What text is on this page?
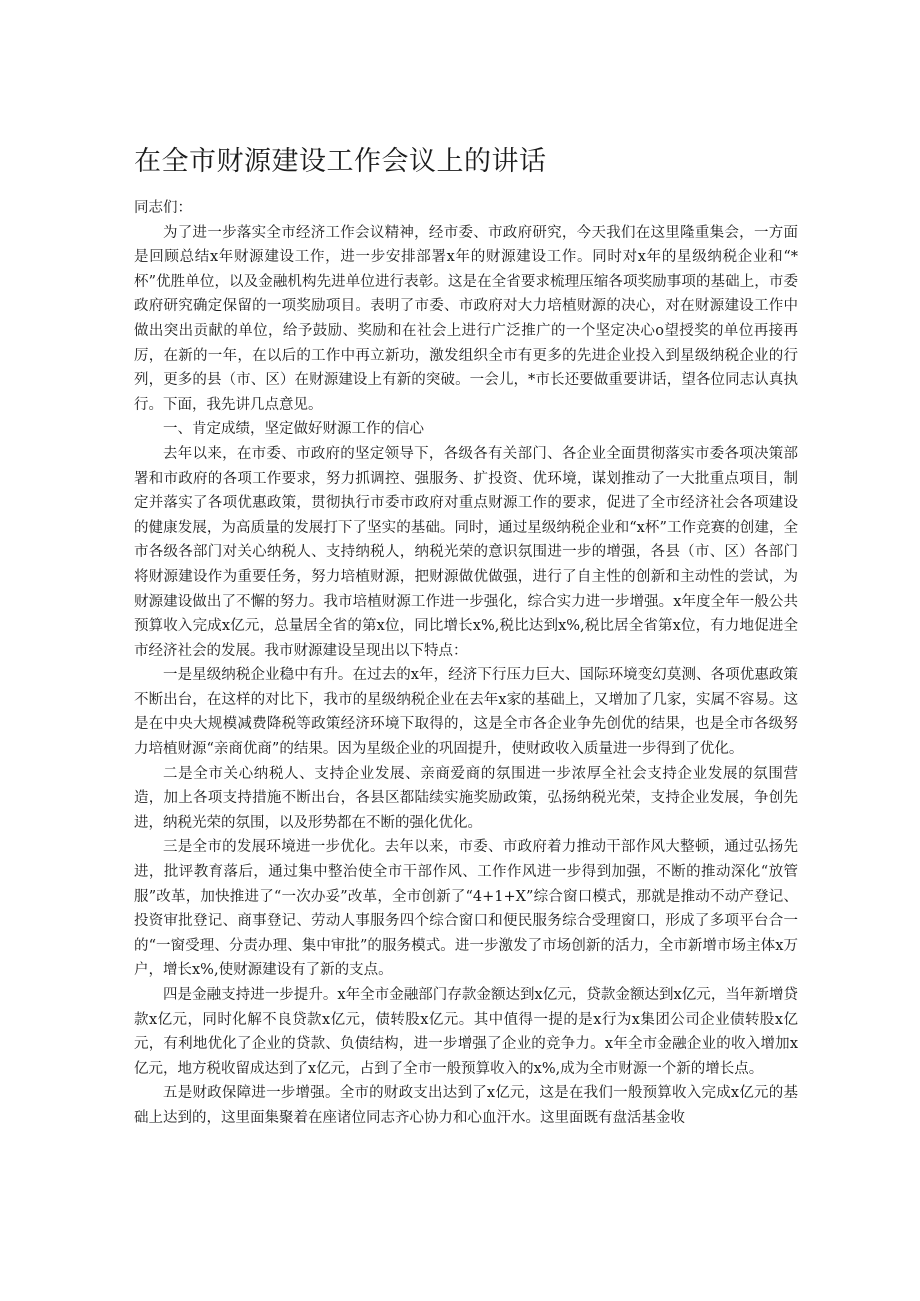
在全市财源建设工作会议上的讲话

同志们：

为了进一步落实全市经济工作会议精神，经市委、市政府研究，今天我们在这里隆重集会，一方面是回顾总结x年财源建设工作，进一步安排部署x年的财源建设工作。同时对x年的星级纳税企业和“*杯”优胜单位，以及金融机构先进单位进行表彰。这是在全省要求梳理压缩各项奖励事项的基础上，市委政府研究确定保留的一项奖励项目。表明了市委、市政府对大力培植财源的决心，对在财源建设工作中做出突出贡献的单位，给予鼓励、奖励和在社会上进行广泛推广的一个坚定决心o望授奖的单位再接再厉，在新的一年，在以后的工作中再立新功，激发组织全市有更多的先进企业投入到星级纳税企业的行列，更多的县（市、区）在财源建设上有新的突破。一会儿，*市长还要做重要讲话，望各位同志认真执行。下面，我先讲几点意见。

一、肯定成绩，坚定做好财源工作的信心

去年以来，在市委、市政府的坚定领导下，各级各有关部门、各企业全面贯彻落实市委各项决策部署和市政府的各项工作要求，努力抓调控、强服务、扩投资、优环境，谋划推动了一大批重点项目，制定并落实了各项优惠政策，贯彻执行市委市政府对重点财源工作的要求，促进了全市经济社会各项建设的健康发展，为高质量的发展打下了坚实的基础。同时，通过星级纳税企业和“x杯”工作竞赛的创建，全市各级各部门对关心纳税人、支持纳税人，纳税光荣的意识氛围进一步的增强，各县（市、区）各部门将财源建设作为重要任务，努力培植财源，把财源做优做强，进行了自主性的创新和主动性的尝试，为财源建设做出了不懈的努力。我市培植财源工作进一步强化，综合实力进一步增强。x年度全年一般公共预算收入完成x亿元，总量居全省的第x位，同比增长x%,税比达到x%,税比居全省第x位，有力地促进全市经济社会的发展。我市财源建设呈现出以下特点：

一是星级纳税企业稳中有升。在过去的x年，经济下行压力巨大、国际环境变幻莫测、各项优惠政策不断出台，在这样的对比下，我市的星级纳税企业在去年x家的基础上，又增加了几家，实属不容易。这是在中央大规模减费降税等政策经济环境下取得的，这是全市各企业争先创优的结果，也是全市各级努力培植财源“亲商优商”的结果。因为星级企业的巩固提升，使财政收入质量进一步得到了优化。

二是全市关心纳税人、支持企业发展、亲商爱商的氛围进一步浓厚全社会支持企业发展的氛围营造，加上各项支持措施不断出台，各县区都陆续实施奖励政策，弘扬纳税光荣，支持企业发展，争创先进，纳税光荣的氛围，以及形势都在不断的强化优化。

三是全市的发展环境进一步优化。去年以来，市委、市政府着力推动干部作风大整顿，通过弘扬先进，批评教育落后，通过集中整治使全市干部作风、工作作风进一步得到加强，不断的推动深化“放管服”改革，加快推进了“一次办妥”改革，全市创新了“4+1+X”综合窗口模式，那就是推动不动产登记、投资审批登记、商事登记、劳动人事服务四个综合窗口和便民服务综合受理窗口，形成了多项平台合一的“一窗受理、分责办理、集中审批”的服务模式。进一步激发了市场创新的活力，全市新增市场主体x万户，增长x%,使财源建设有了新的支点。

四是金融支持进一步提升。x年全市金融部门存款金额达到x亿元，贷款金额达到x亿元，当年新增贷款x亿元，同时化解不良贷款x亿元，债转股x亿元。其中值得一提的是x行为x集团公司企业债转股x亿元，有利地优化了企业的贷款、负债结构，进一步增强了企业的竞争力。x年全市金融企业的收入增加x亿元，地方税收留成达到了x亿元，占到了全市一般预算收入的x%,成为全市财源一个新的增长点。

五是财政保障进一步增强。全市的财政支出达到了x亿元，这是在我们一般预算收入完成x亿元的基础上达到的，这里面集聚着在座诸位同志齐心协力和心血汗水。这里面既有盘活基金收
